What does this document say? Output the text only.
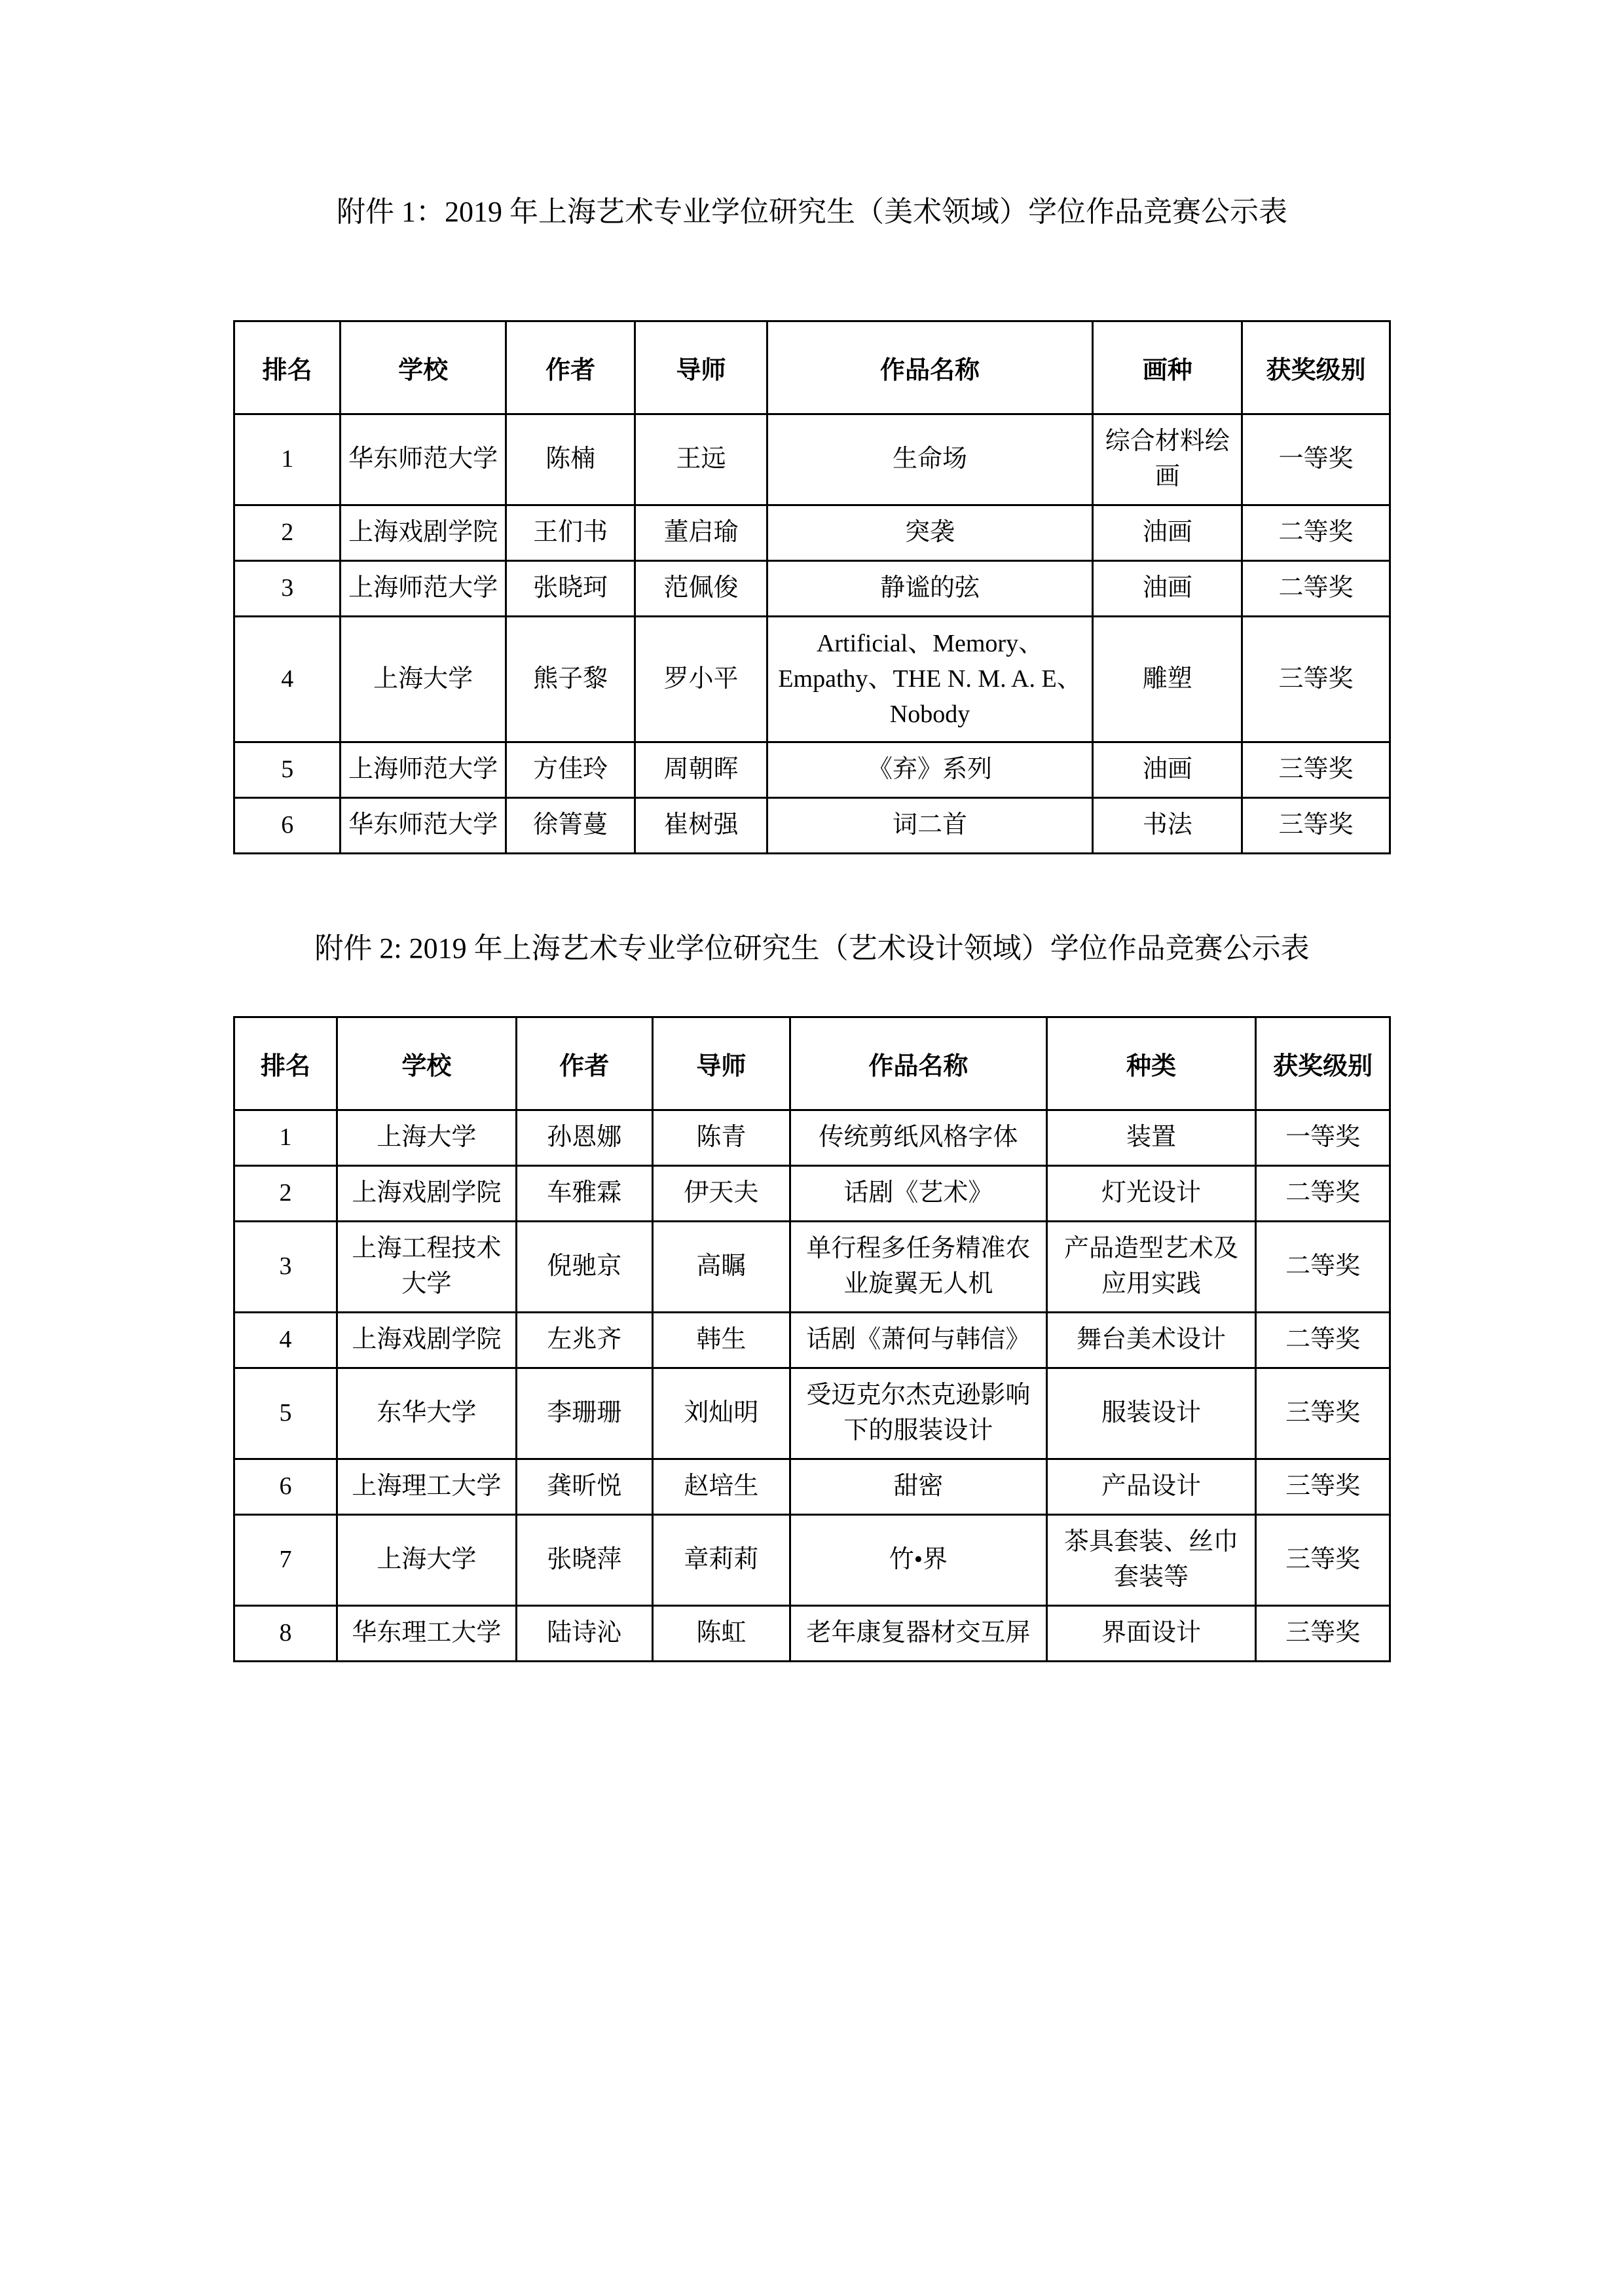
附件 1：2019 年上海艺术专业学位研究生（美术领域）学位作品竞赛公示表
排名	学校	作者	导师	作品名称	画种	获奖级别
1	华东师范大学	陈楠	王远	生命场	综合材料绘画	一等奖
2	上海戏剧学院	王们书	董启瑜	突袭	油画	二等奖
3	上海师范大学	张晓珂	范佩俊	静谧的弦	油画	二等奖
4	上海大学	熊子黎	罗小平	Artificial、Memory、Empathy、THE N. M. A. E、Nobody	雕塑	三等奖
5	上海师范大学	方佳玲	周朝晖	《弃》系列	油画	三等奖
6	华东师范大学	徐箐蔓	崔树强	词二首	书法	三等奖
附件 2: 2019 年上海艺术专业学位研究生（艺术设计领域）学位作品竞赛公示表
排名	学校	作者	导师	作品名称	种类	获奖级别
1	上海大学	孙恩娜	陈青	传统剪纸风格字体	装置	一等奖
2	上海戏剧学院	车雅霖	伊天夫	话剧《艺术》	灯光设计	二等奖
3	上海工程技术大学	倪驰京	高瞩	单行程多任务精准农业旋翼无人机	产品造型艺术及应用实践	二等奖
4	上海戏剧学院	左兆齐	韩生	话剧《萧何与韩信》	舞台美术设计	二等奖
5	东华大学	李珊珊	刘灿明	受迈克尔杰克逊影响下的服装设计	服装设计	三等奖
6	上海理工大学	龚昕悦	赵培生	甜密	产品设计	三等奖
7	上海大学	张晓萍	章莉莉	竹•界	茶具套装、丝巾套装等	三等奖
8	华东理工大学	陆诗沁	陈虹	老年康复器材交互屏	界面设计	三等奖
